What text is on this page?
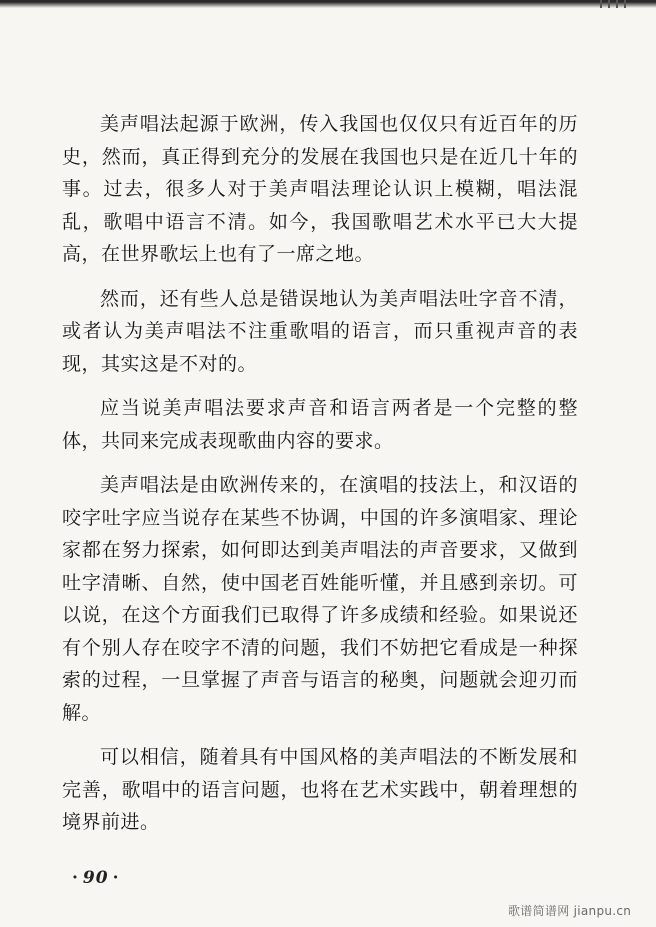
美声唱法起源于欧洲，传入我国也仅仅只有近百年的历史，然而，真正得到充分的发展在我国也只是在近几十年的事。过去，很多人对于美声唱法理论认识上模糊，唱法混乱，歌唱中语言不清。如今，我国歌唱艺术水平已大大提高，在世界歌坛上也有了一席之地。

然而，还有些人总是错误地认为美声唱法吐字音不清，或者认为美声唱法不注重歌唱的语言，而只重视声音的表现，其实这是不对的。

应当说美声唱法要求声音和语言两者是一个完整的整体，共同来完成表现歌曲内容的要求。

美声唱法是由欧洲传来的，在演唱的技法上，和汉语的咬字吐字应当说存在某些不协调，中国的许多演唱家、理论家都在努力探索，如何即达到美声唱法的声音要求，又做到吐字清晰、自然，使中国老百姓能听懂，并且感到亲切。可以说，在这个方面我们已取得了许多成绩和经验。如果说还有个别人存在咬字不清的问题，我们不妨把它看成是一种探索的过程，一旦掌握了声音与语言的秘奥，问题就会迎刃而解。

可以相信，随着具有中国风格的美声唱法的不断发展和完善，歌唱中的语言问题，也将在艺术实践中，朝着理想的境界前进。

· 90 ·
歌谱简谱网 jianpu.cn
